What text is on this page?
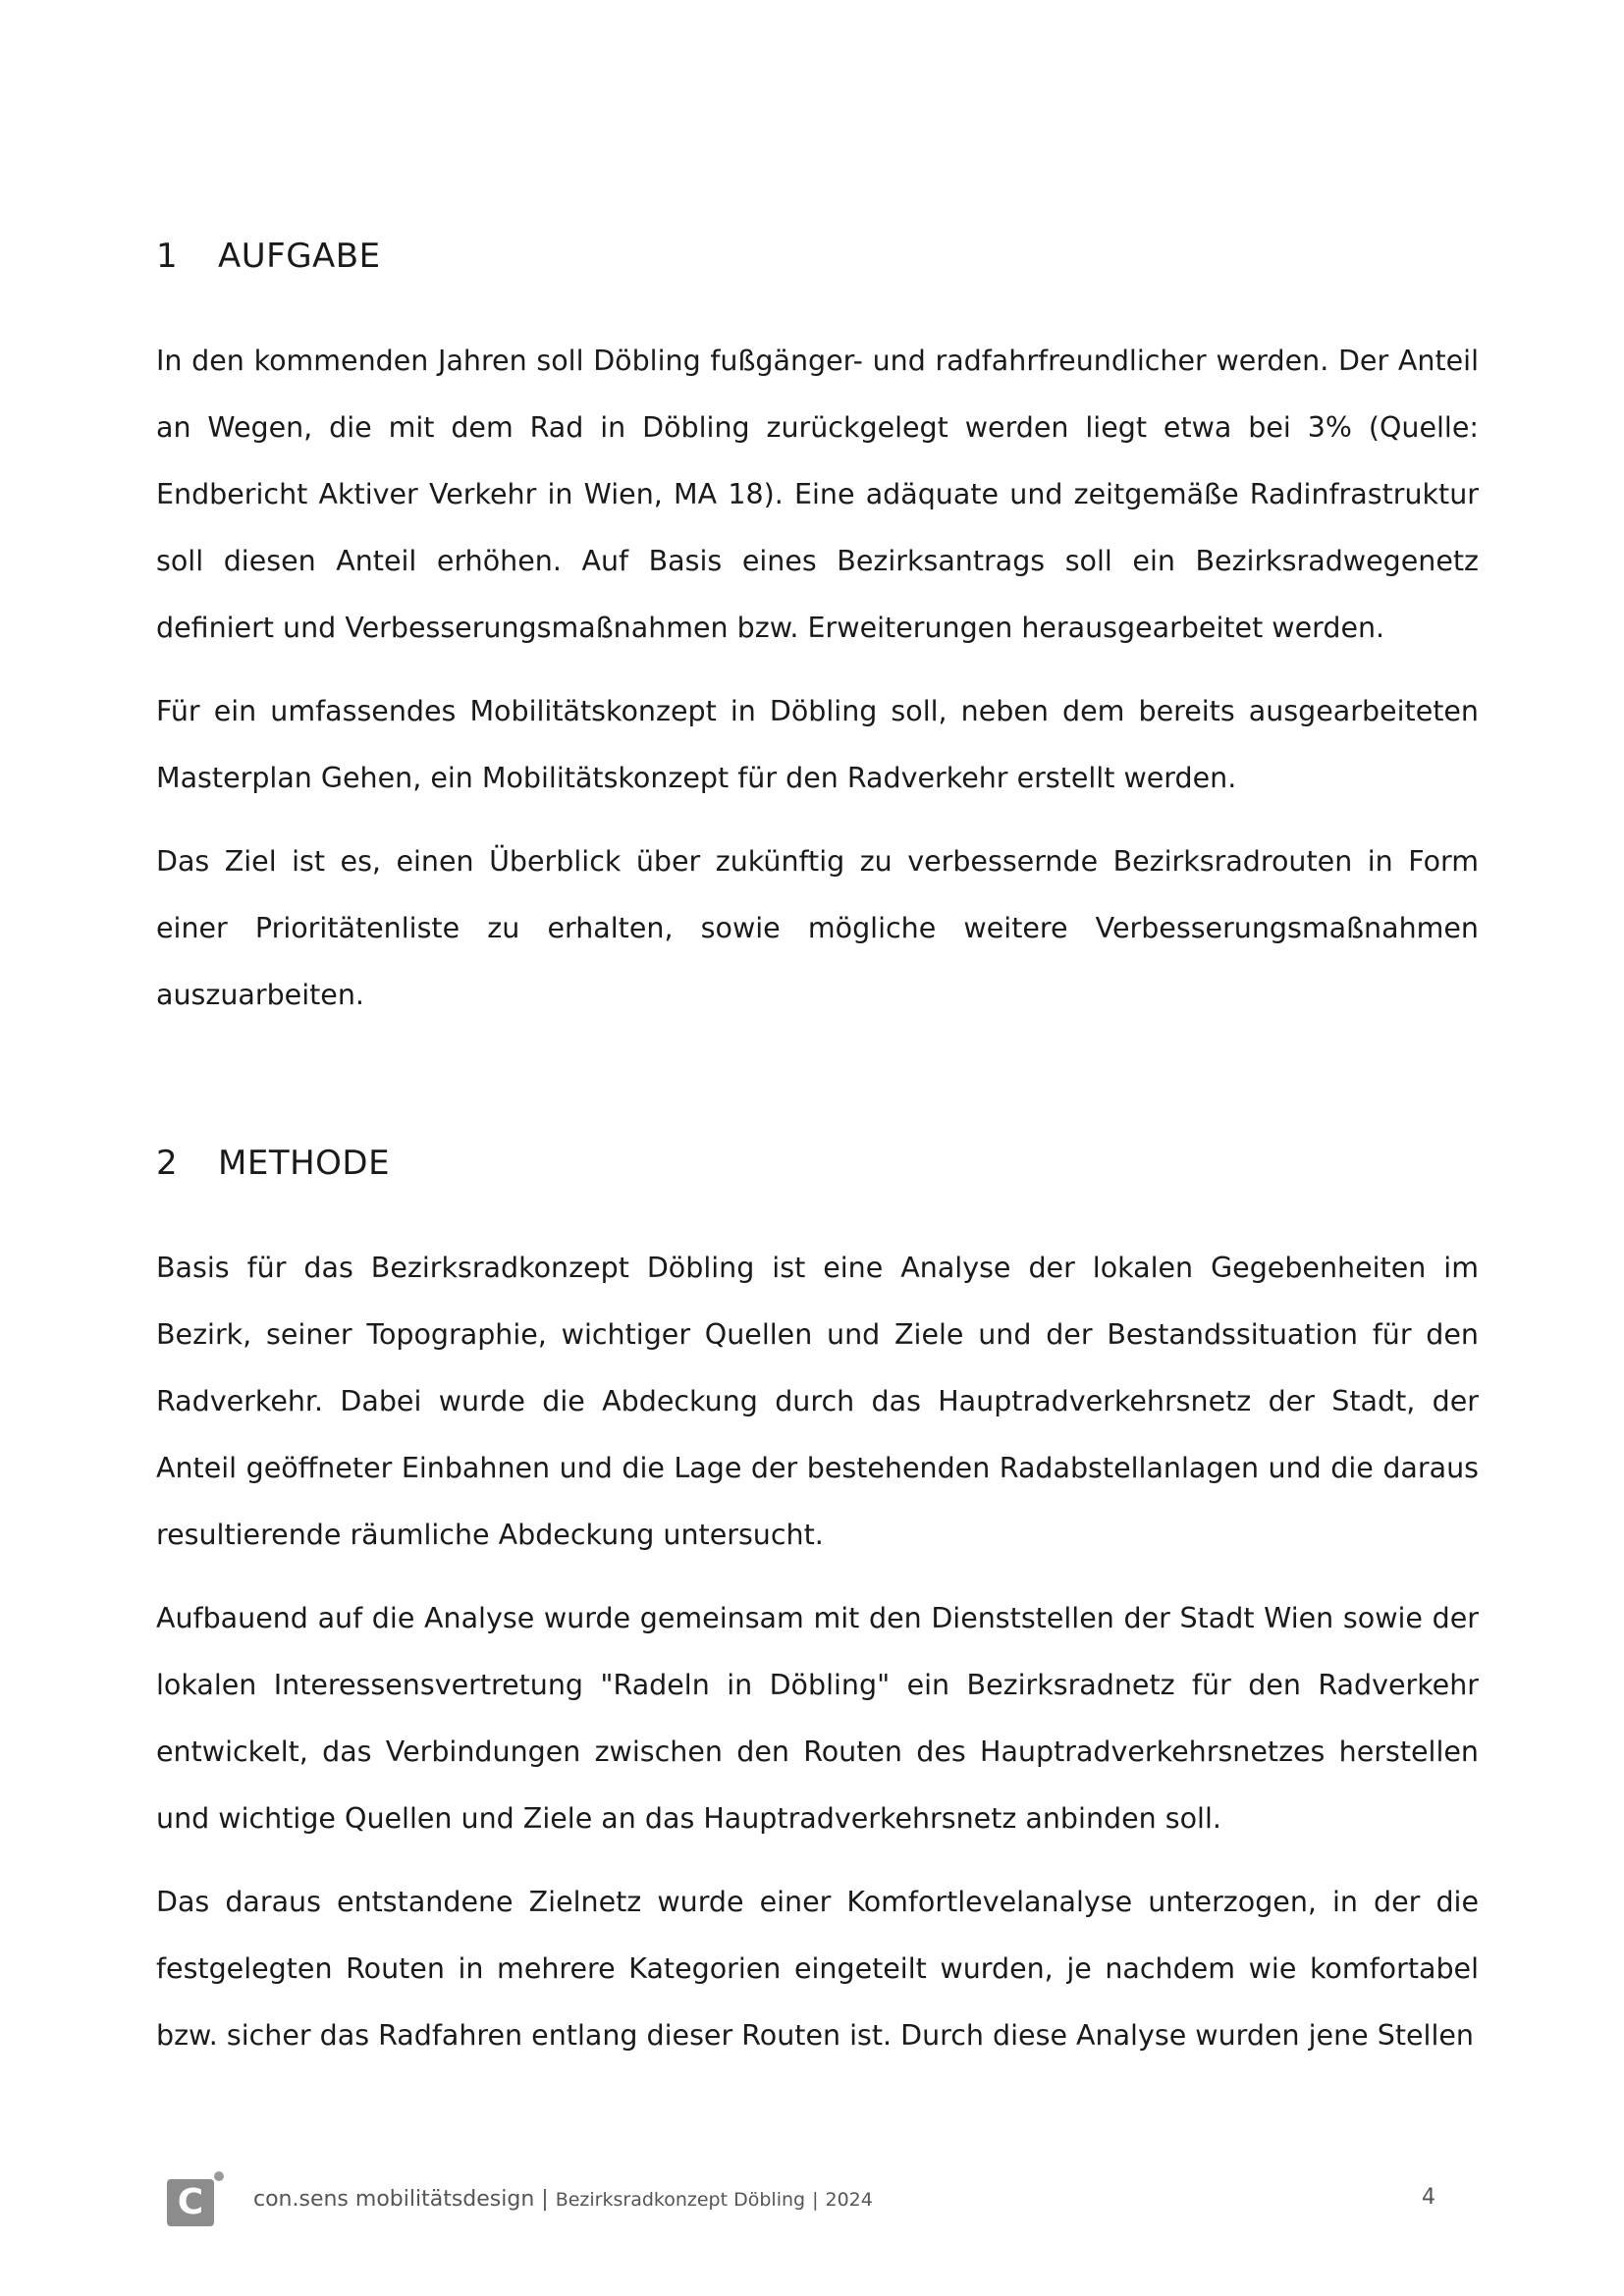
1	AUFGABE

In den kommenden Jahren soll Döbling fußgänger- und radfahrfreundlicher werden. Der Anteil an Wegen, die mit dem Rad in Döbling zurückgelegt werden liegt etwa bei 3% (Quelle: Endbericht Aktiver Verkehr in Wien, MA 18). Eine adäquate und zeitgemäße Radinfrastruktur soll diesen Anteil erhöhen. Auf Basis eines Bezirksantrags soll ein Bezirksradwegenetz definiert und Verbesserungsmaßnahmen bzw. Erweiterungen herausgearbeitet werden.

Für ein umfassendes Mobilitätskonzept in Döbling soll, neben dem bereits ausgearbeiteten Masterplan Gehen, ein Mobilitätskonzept für den Radverkehr erstellt werden.

Das Ziel ist es, einen Überblick über zukünftig zu verbessernde Bezirksradrouten in Form einer Prioritätenliste zu erhalten, sowie mögliche weitere Verbesserungsmaßnahmen auszuarbeiten.

2	METHODE

Basis für das Bezirksradkonzept Döbling ist eine Analyse der lokalen Gegebenheiten im Bezirk, seiner Topographie, wichtiger Quellen und Ziele und der Bestandssituation für den Radverkehr. Dabei wurde die Abdeckung durch das Hauptradverkehrsnetz der Stadt, der Anteil geöffneter Einbahnen und die Lage der bestehenden Radabstellanlagen und die daraus resultierende räumliche Abdeckung untersucht.

Aufbauend auf die Analyse wurde gemeinsam mit den Dienststellen der Stadt Wien sowie der lokalen Interessensvertretung "Radeln in Döbling" ein Bezirksradnetz für den Radverkehr entwickelt, das Verbindungen zwischen den Routen des Hauptradverkehrsnetzes herstellen und wichtige Quellen und Ziele an das Hauptradverkehrsnetz anbinden soll.

Das daraus entstandene Zielnetz wurde einer Komfortlevelanalyse unterzogen, in der die festgelegten Routen in mehrere Kategorien eingeteilt wurden, je nachdem wie komfortabel bzw. sicher das Radfahren entlang dieser Routen ist. Durch diese Analyse wurden jene Stellen

C	con.sens mobilitätsdesign | Bezirksradkonzept Döbling | 2024	4
